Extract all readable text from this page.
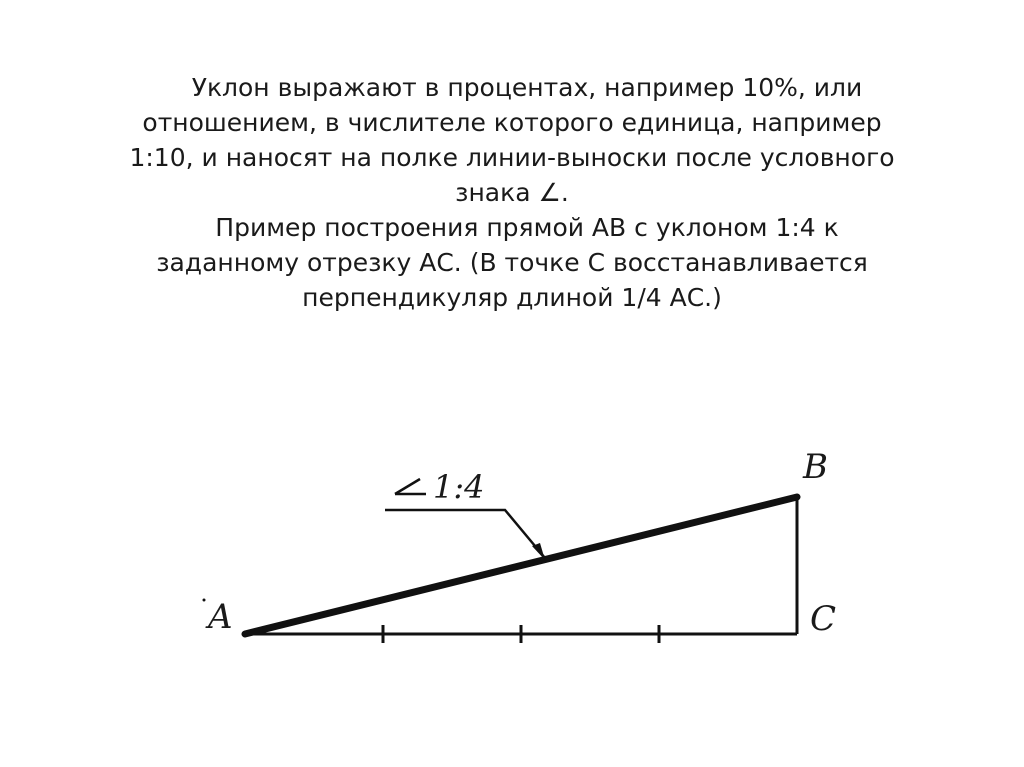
Уклон выражают в процентах, например 10%, или
отношением, в числителе которого единица, например
1:10, и наносят на полке линии-выноски после условного
знака ∠.

Пример построения прямой АВ с уклоном 1:4 к
заданному отрезку АС. (В точке С восстанавливается
перпендикуляр длиной 1/4 АС.)

1:4
A
B
C
